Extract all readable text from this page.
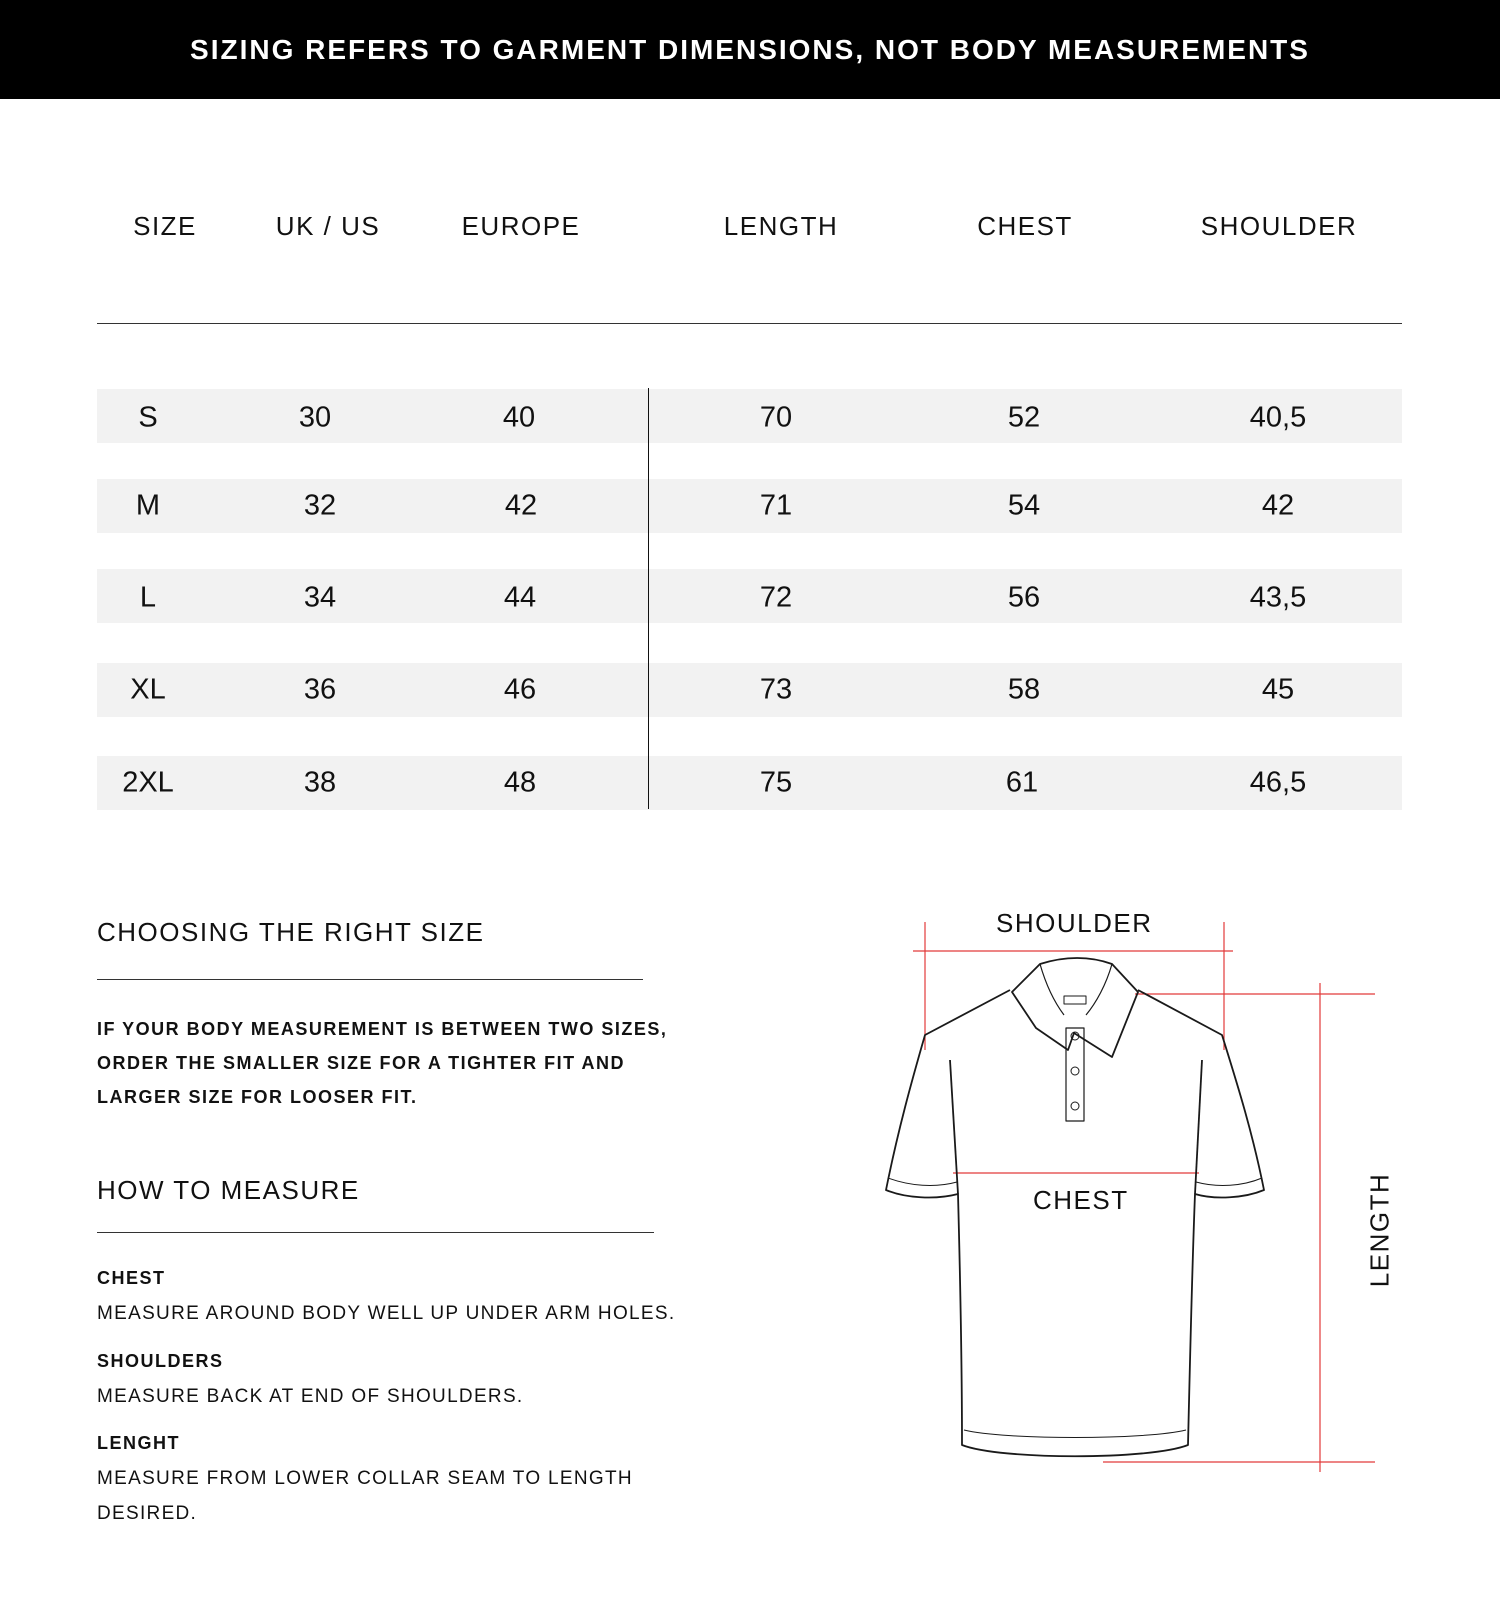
SIZING REFERS TO GARMENT DIMENSIONS, NOT BODY MEASUREMENTS
SIZE	UK / US	EUROPE	LENGTH	CHEST	SHOULDER
S	30	40	70	52	40,5
M	32	42	71	54	42
L	34	44	72	56	43,5
XL	36	46	73	58	45
2XL	38	48	75	61	46,5
CHOOSING THE RIGHT SIZE
IF YOUR BODY MEASUREMENT IS BETWEEN TWO SIZES,
ORDER THE SMALLER SIZE FOR A TIGHTER FIT AND
LARGER SIZE FOR LOOSER FIT.
HOW TO MEASURE
CHEST
MEASURE AROUND BODY WELL UP UNDER ARM HOLES.
SHOULDERS
MEASURE BACK AT END OF SHOULDERS.
LENGHT
MEASURE FROM LOWER COLLAR SEAM TO LENGTH
DESIRED.
SHOULDER
CHEST	LENGTH
